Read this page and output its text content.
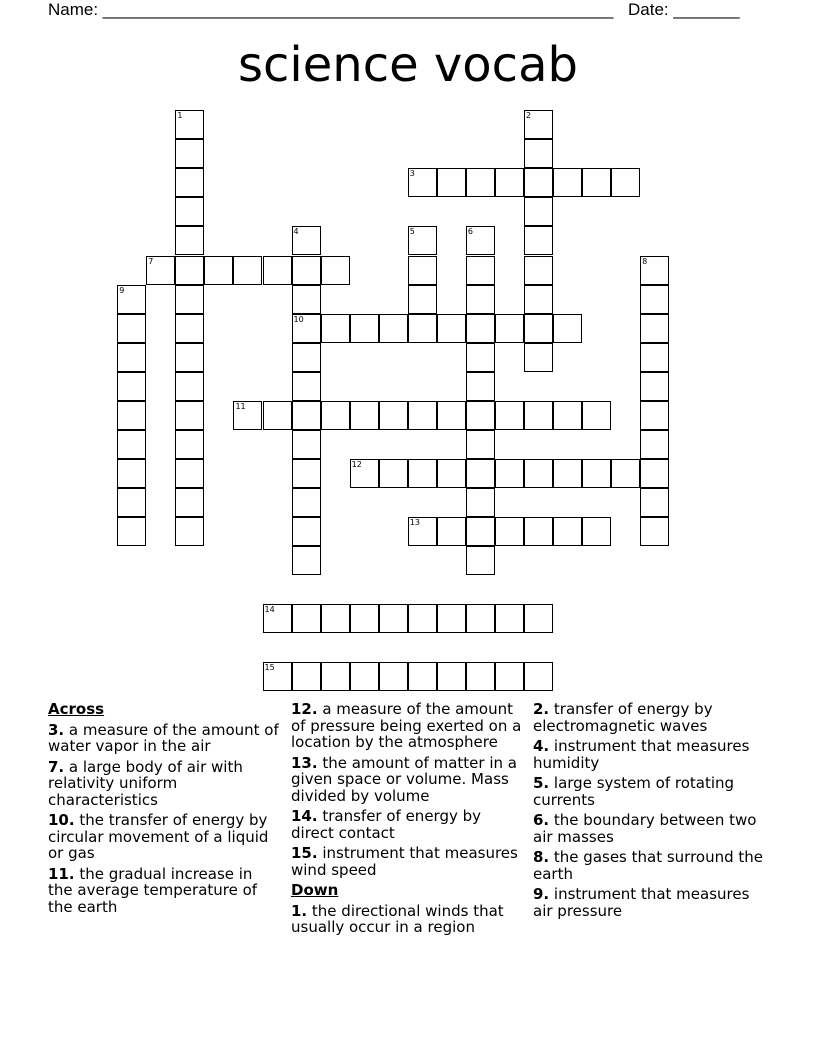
Name: ______________________________________________________ Date: _______
science vocab
1	2
3
4
10
5	6
7	8
9
11
12
13
14
15
Across
3. a measure of the amount of water vapor in the air
7. a large body of air with relativity uniform characteristics
10. the transfer of energy by circular movement of a liquid or gas
11. the gradual increase in the average temperature of the earth
12. a measure of the amount of pressure being exerted on a location by the atmosphere
13. the amount of matter in a given space or volume. Mass divided by volume
14. transfer of energy by direct contact
15. instrument that measures wind speed
Down
1. the directional winds that usually occur in a region
2. transfer of energy by electromagnetic waves
4. instrument that measures humidity
5. large system of rotating currents
6. the boundary between two air masses
8. the gases that surround the earth
9. instrument that measures air pressure
